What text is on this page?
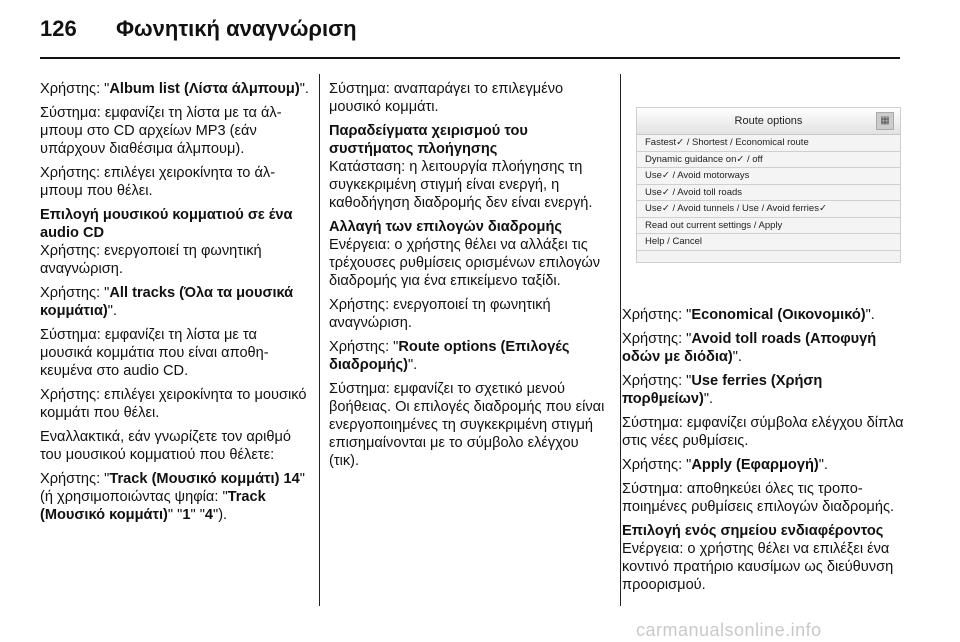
126 Φωνητική αναγνώριση

Χρήστης: "Album list (Λίστα άλμπουμ)".

Σύστημα: εμφανίζει τη λίστα με τα άλμπουμ στο CD αρχείων MP3 (εάν υπάρχουν διαθέσιμα άλμπουμ).

Χρήστης: επιλέγει χειροκίνητα το άλμπουμ που θέλει.

Επιλογή μουσικού κομματιού σε ένα audio CD

Χρήστης: ενεργοποιεί τη φωνητική αναγνώριση.

Χρήστης: "All tracks (Όλα τα μουσικά κομμάτια)".

Σύστημα: εμφανίζει τη λίστα με τα μουσικά κομμάτια που είναι αποθηκευμένα στο audio CD.

Χρήστης: επιλέγει χειροκίνητα το μουσικό κομμάτι που θέλει.

Εναλλακτικά, εάν γνωρίζετε τον αριθμό του μουσικού κομματιού που θέλετε:

Χρήστης: "Track (Μουσικό κομμάτι) 14" (ή χρησιμοποιώντας ψηφία: "Track (Μουσικό κομμάτι)" "1" "4").

Σύστημα: αναπαράγει το επιλεγμένο μουσικό κομμάτι.

Παραδείγματα χειρισμού του συστήματος πλοήγησης

Κατάσταση: η λειτουργία πλοήγησης τη συγκεκριμένη στιγμή είναι ενεργή, η καθοδήγηση διαδρομής δεν είναι ενεργή.

Αλλαγή των επιλογών διαδρομής

Ενέργεια: ο χρήστης θέλει να αλλάξει τις τρέχουσες ρυθμίσεις ορισμένων επιλογών διαδρομής για ένα επικείμενο ταξίδι.

Χρήστης: ενεργοποιεί τη φωνητική αναγνώριση.

Χρήστης: "Route options (Επιλογές διαδρομής)".

Σύστημα: εμφανίζει το σχετικό μενού βοήθειας. Οι επιλογές διαδρομής που είναι ενεργοποιημένες τη συγκεκριμένη στιγμή επισημαίνονται με το σύμβολο ελέγχου (τικ).

Route options	▦
Fastest✓ / Shortest / Economical route
Dynamic guidance on✓ / off
Use✓ / Avoid motorways
Use✓ / Avoid toll roads
Use✓ / Avoid tunnels / Use / Avoid ferries✓
Read out current settings / Apply
Help / Cancel

Χρήστης: "Economical (Οικονομικό)".

Χρήστης: "Avoid toll roads (Αποφυγή οδών με διόδια)".

Χρήστης: "Use ferries (Χρήση πορθμείων)".

Σύστημα: εμφανίζει σύμβολα ελέγχου δίπλα στις νέες ρυθμίσεις.

Χρήστης: "Apply (Εφαρμογή)".

Σύστημα: αποθηκεύει όλες τις τροποποιημένες ρυθμίσεις επιλογών διαδρομής.

Επιλογή ενός σημείου ενδιαφέροντος

Ενέργεια: ο χρήστης θέλει να επιλέξει ένα κοντινό πρατήριο καυσίμων ως διεύθυνση προορισμού.

carmanualsonline.info
